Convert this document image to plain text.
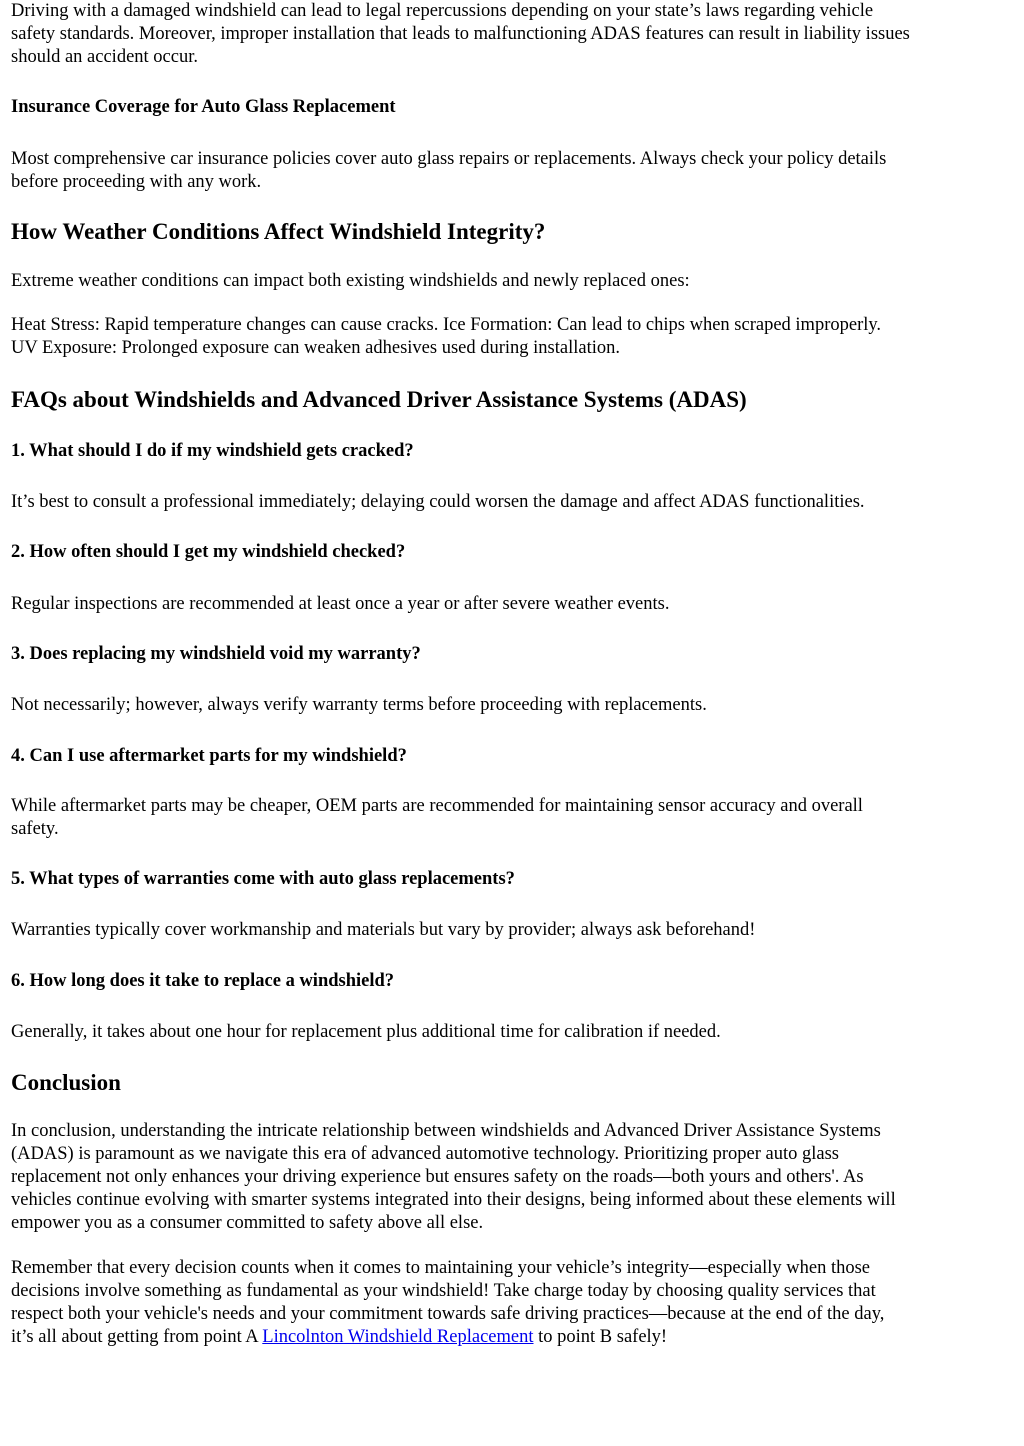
Driving with a damaged windshield can lead to legal repercussions depending on your state’s laws regarding vehicle
safety standards. Moreover, improper installation that leads to malfunctioning ADAS features can result in liability issues
should an accident occur.

Insurance Coverage for Auto Glass Replacement

Most comprehensive car insurance policies cover auto glass repairs or replacements. Always check your policy details
before proceeding with any work.

How Weather Conditions Affect Windshield Integrity?

Extreme weather conditions can impact both existing windshields and newly replaced ones:

Heat Stress: Rapid temperature changes can cause cracks. Ice Formation: Can lead to chips when scraped improperly.
UV Exposure: Prolonged exposure can weaken adhesives used during installation.

FAQs about Windshields and Advanced Driver Assistance Systems (ADAS)
1. What should I do if my windshield gets cracked?

It’s best to consult a professional immediately; delaying could worsen the damage and affect ADAS functionalities.

2. How often should I get my windshield checked?

Regular inspections are recommended at least once a year or after severe weather events.

3. Does replacing my windshield void my warranty?

Not necessarily; however, always verify warranty terms before proceeding with replacements.

4. Can I use aftermarket parts for my windshield?

While aftermarket parts may be cheaper, OEM parts are recommended for maintaining sensor accuracy and overall
safety.

5. What types of warranties come with auto glass replacements?

Warranties typically cover workmanship and materials but vary by provider; always ask beforehand!

6. How long does it take to replace a windshield?

Generally, it takes about one hour for replacement plus additional time for calibration if needed.

Conclusion

In conclusion, understanding the intricate relationship between windshields and Advanced Driver Assistance Systems
(ADAS) is paramount as we navigate this era of advanced automotive technology. Prioritizing proper auto glass
replacement not only enhances your driving experience but ensures safety on the roads—both yours and others'. As
vehicles continue evolving with smarter systems integrated into their designs, being informed about these elements will
empower you as a consumer committed to safety above all else.

Remember that every decision counts when it comes to maintaining your vehicle’s integrity—especially when those
decisions involve something as fundamental as your windshield! Take charge today by choosing quality services that
respect both your vehicle's needs and your commitment towards safe driving practices—because at the end of the day,
it’s all about getting from point A Lincolnton Windshield Replacement to point B safely!
